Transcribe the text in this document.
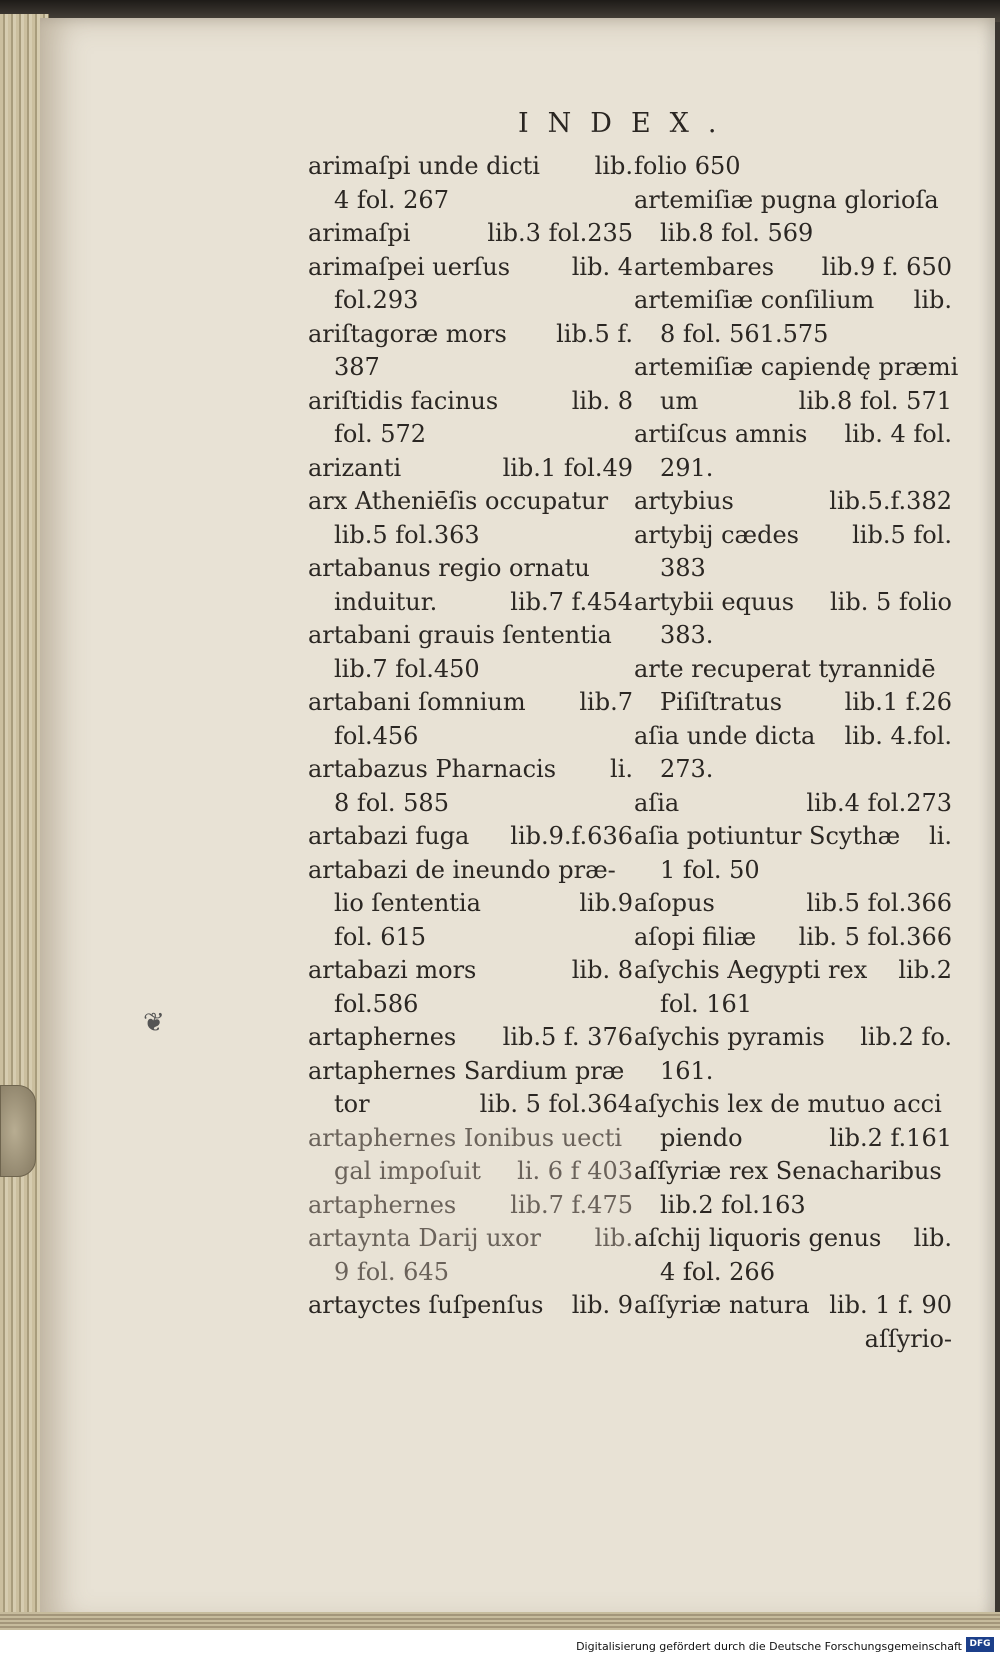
❦
INDEX.
arimaſpi unde dicti lib.
4 fol. 267
arimaſpi	lib.3 fol.235
arimaſpei uerſus	lib. 4
fol.293
ariſtagoræ mors lib.5 f.
387
ariſtidis facinus	lib. 8
fol. 572
arizanti	lib.1 fol.49
arx Atheniēſis occupatur
lib.5 fol.363
artabanus regio ornatu
induitur.	lib.7 f.454
artabani grauis ſententia
lib.7 fol.450
artabani ſomnium lib.7
fol.456
artabazus Pharnacis li.
8 fol. 585
artabazi fuga lib.9.f.636
artabazi de ineundo præ-
lio ſententia	lib.9
fol. 615
artabazi mors	lib. 8
fol.586
artaphernes lib.5 f. 376
artaphernes Sardium præ
tor	lib. 5 fol.364
artaphernes Ionibus uecti
gal impoſuit li. 6 f 403
artaphernes lib.7 f.475
artaynta Darij uxor lib.
9 fol. 645
artayctes ſuſpenſus lib. 9
folio 650
artemiſiæ pugna glorioſa
lib.8 fol. 569
artembares lib.9 f. 650
artemiſiæ conſilium lib.
8 fol. 561.575
artemiſiæ capiendę præmi
um	lib.8 fol. 571
artiſcus amnis lib. 4 fol.
291.
artybius	lib.5.f.382
artybij cædes lib.5 fol.
383
artybii equus lib. 5 folio
383.
arte recuperat tyrannidē
Piſiſtratus	lib.1 f.26
aſia unde dicta lib. 4.fol.
273.
aſia	lib.4 fol.273
aſia potiuntur Scythæ li.
1 fol. 50
aſopus	lib.5 fol.366
aſopi filiæ lib. 5 fol.366
aſychis Aegypti rex lib.2
fol. 161
aſychis pyramis lib.2 fo.
161.
aſychis lex de mutuo acci
piendo	lib.2 f.161
aſſyriæ rex Senacharibus
lib.2 fol.163
aſchij liquoris genus lib.
4 fol. 266
aſſyriæ natura lib. 1 f. 90
aſſyrio-
Digitalisierung gefördert durch die Deutsche Forschungsgemeinschaft DFG
